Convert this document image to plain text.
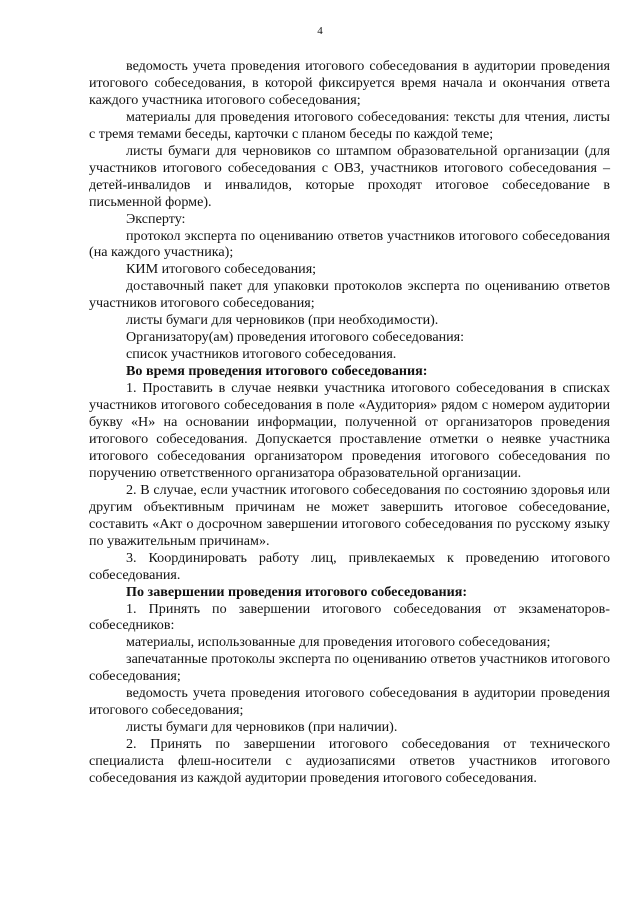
4

ведомость учета проведения итогового собеседования в аудитории проведения итогового собеседования, в которой фиксируется время начала и окончания ответа каждого участника итогового собеседования;

материалы для проведения итогового собеседования: тексты для чтения, листы с тремя темами беседы, карточки с планом беседы по каждой теме;

листы бумаги для черновиков со штампом образовательной организации (для участников итогового собеседования с ОВЗ, участников итогового собеседования – детей-инвалидов и инвалидов, которые проходят итоговое собеседование в письменной форме).

Эксперту:

протокол эксперта по оцениванию ответов участников итогового собеседования (на каждого участника);

КИМ итогового собеседования;

доставочный пакет для упаковки протоколов эксперта по оцениванию ответов участников итогового собеседования;

листы бумаги для черновиков (при необходимости).

Организатору(ам) проведения итогового собеседования:

список участников итогового собеседования.

Во время проведения итогового собеседования:

1. Проставить в случае неявки участника итогового собеседования в списках участников итогового собеседования в поле «Аудитория» рядом с номером аудитории букву «Н» на основании информации, полученной от организаторов проведения итогового собеседования. Допускается проставление отметки о неявке участника итогового собеседования организатором проведения итогового собеседования по поручению ответственного организатора образовательной организации.

2. В случае, если участник итогового собеседования по состоянию здоровья или другим объективным причинам не может завершить итоговое собеседование, составить «Акт о досрочном завершении итогового собеседования по русскому языку по уважительным причинам».

3. Координировать работу лиц, привлекаемых к проведению итогового собеседования.

По завершении проведения итогового собеседования:

1. Принять по завершении итогового собеседования от экзаменаторов-собеседников:

материалы, использованные для проведения итогового собеседования;

запечатанные протоколы эксперта по оцениванию ответов участников итогового собеседования;

ведомость учета проведения итогового собеседования в аудитории проведения итогового собеседования;

листы бумаги для черновиков (при наличии).

2. Принять по завершении итогового собеседования от технического специалиста флеш-носители с аудиозаписями ответов участников итогового собеседования из каждой аудитории проведения итогового собеседования.
